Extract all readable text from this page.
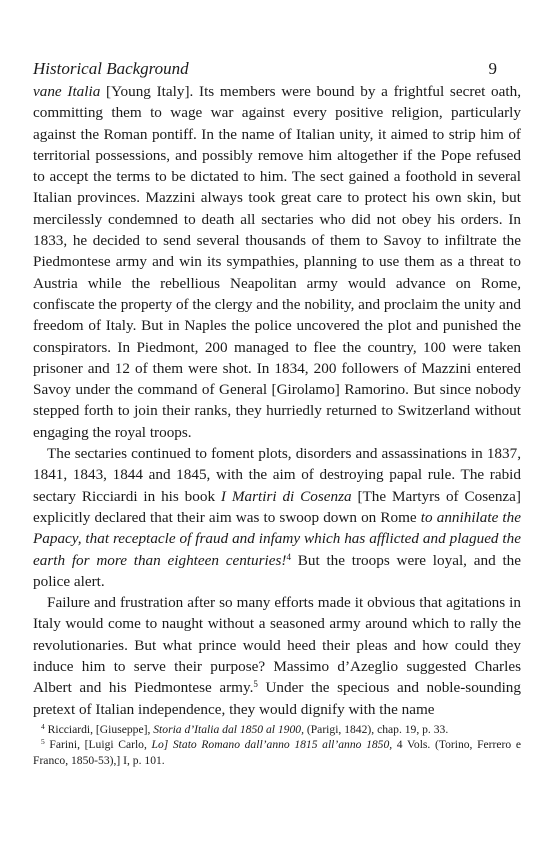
Historical Background	9

vane Italia [Young Italy]. Its members were bound by a frightful secret oath, committing them to wage war against every positive religion, particularly against the Roman pontiff. In the name of Italian unity, it aimed to strip him of territorial possessions, and possibly remove him altogether if the Pope refused to accept the terms to be dictated to him. The sect gained a foothold in several Italian provinces. Mazzini always took great care to protect his own skin, but mercilessly condemned to death all sectaries who did not obey his orders. In 1833, he decided to send several thousands of them to Savoy to infiltrate the Piedmontese army and win its sympathies, planning to use them as a threat to Austria while the rebellious Neapolitan army would advance on Rome, confiscate the property of the clergy and the nobility, and proclaim the unity and freedom of Italy. But in Naples the police uncovered the plot and punished the conspirators. In Piedmont, 200 managed to flee the country, 100 were taken prisoner and 12 of them were shot. In 1834, 200 followers of Mazzini entered Savoy under the command of General [Girolamo] Ramorino. But since nobody stepped forth to join their ranks, they hurriedly returned to Switzerland without engaging the royal troops.

The sectaries continued to foment plots, disorders and assassinations in 1837, 1841, 1843, 1844 and 1845, with the aim of destroying papal rule. The rabid sectary Ricciardi in his book I Martiri di Cosenza [The Martyrs of Cosenza] explicitly declared that their aim was to swoop down on Rome to annihilate the Papacy, that receptacle of fraud and infamy which has afflicted and plagued the earth for more than eighteen centuries!$^4$ But the troops were loyal, and the police alert.

Failure and frustration after so many efforts made it obvious that agitations in Italy would come to naught without a seasoned army around which to rally the revolutionaries. But what prince would heed their pleas and how could they induce him to serve their purpose? Massimo d’Azeglio suggested Charles Albert and his Piedmontese army.$^5$ Under the specious and noble-sounding pretext of Italian independence, they would dignify with the name

$^4$ Ricciardi, [Giuseppe], Storia d’Italia dal 1850 al 1900, (Parigi, 1842), chap. 19, p. 33.

$^5$ Farini, [Luigi Carlo, Lo] Stato Romano dall’anno 1815 all’anno 1850, 4 Vols. (Torino, Ferrero e Franco, 1850-53),] I, p. 101.
